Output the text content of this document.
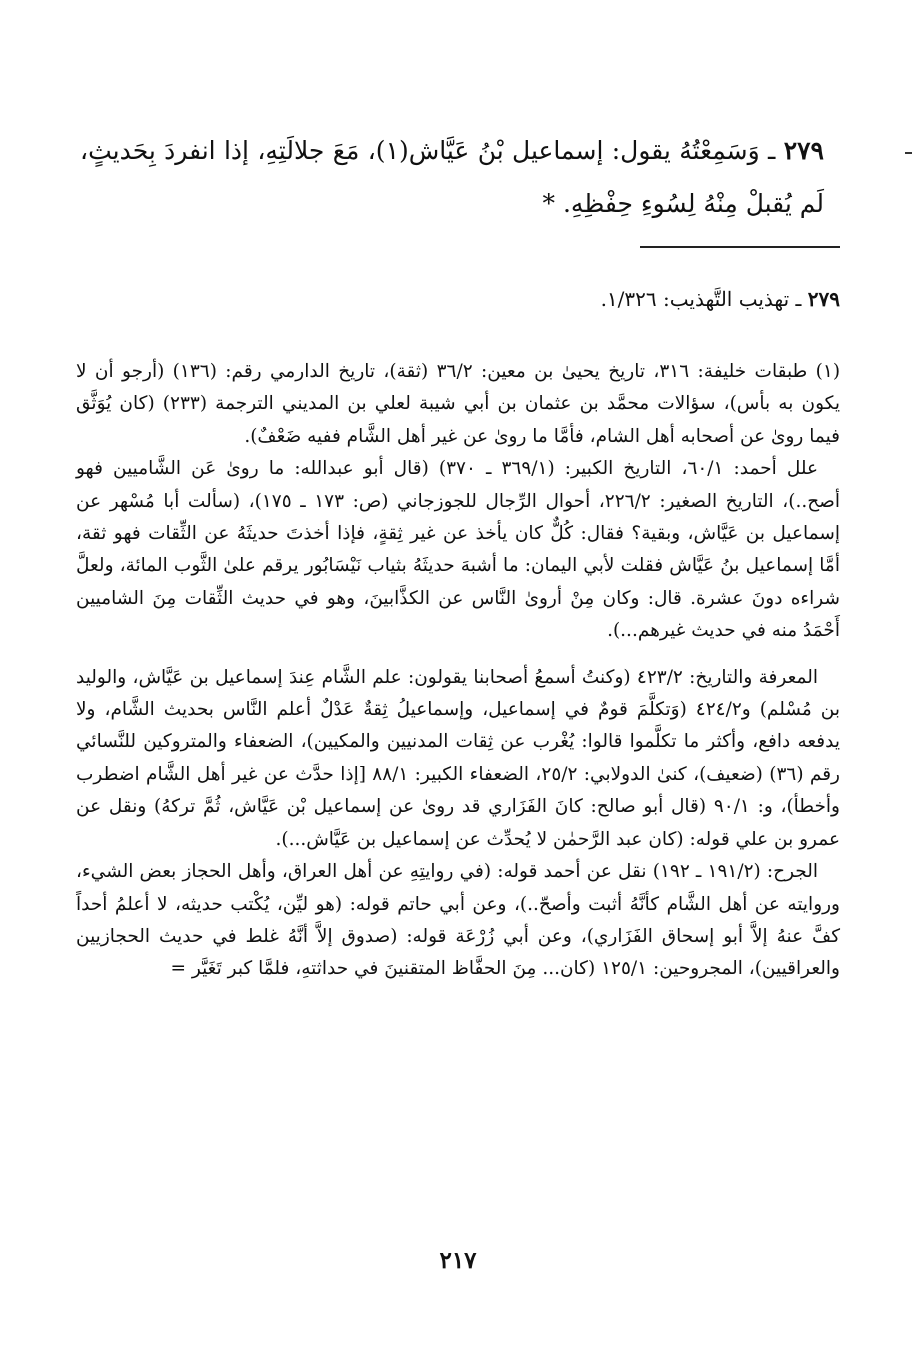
٢٧٩ ـ وَسَمِعْتُهُ يقول: إسماعيل بْنُ عَيَّاش(١)، مَعَ جلالَتِهِ، إذا انفردَ بِحَديثٍ، لَم يُقبلْ مِنْهُ لِسُوءِ حِفْظِهِ. *
٢٧٩ ـ تهذيب التَّهذيب: ١/٣٢٦.

(١) طبقات خليفة: ٣١٦، تاريخ يحيىٰ بن معين: ٣٦/٢ (ثقة)، تاريخ الدارمي رقم: (١٣٦) (أرجو أن لا يكون به بأس)، سؤالات محمَّد بن عثمان بن أبي شيبة لعلي بن المديني الترجمة (٢٣٣) (كان يُوَثَّق فيما روىٰ عن أصحابه أهل الشام، فأمَّا ما روىٰ عن غير أهل الشَّام ففيه ضَعْفٌ).

علل أحمد: ٦٠/١، التاريخ الكبير: (٣٦٩/١ ـ ٣٧٠) (قال أبو عبدالله: ما روىٰ عَن الشَّاميين فهو أصح..)، التاريخ الصغير: ٢٢٦/٢، أحوال الرِّجال للجوزجاني (ص: ١٧٣ ـ ١٧٥)، (سألت أبا مُسْهر عن إسماعيل بن عَيَّاش، وبقية؟ فقال: كُلٌّ كان يأخذ عن غير ثِقةٍ، فإذا أخذتَ حديثَهُ عن الثِّقات فهو ثقة، أمَّا إسماعيل بنُ عَيَّاش فقلت لأبي اليمان: ما أشبهَ حديثَهُ بثياب نَيْسَابُور يرقم علىٰ الثَّوب المائة، ولعلَّ شراءه دونَ عشرة. قال: وكان مِنْ أروىٰ النَّاس عن الكذَّابينَ، وهو في حديث الثِّقات مِنَ الشاميين أَحْمَدُ منه في حديث غيرهم...).

المعرفة والتاريخ: ٤٢٣/٢ (وكنتُ أسمعُ أصحابنا يقولون: علم الشَّام عِندَ إسماعيل بن عَيَّاش، والوليد بن مُسْلم) و٤٢٤/٢ (وَتكلَّمَ قومٌ في إسماعيل، وإسماعيلُ ثِقةٌ عَدْلٌ أعلم النَّاس بحديث الشَّام، ولا يدفعه دافع، وأكثر ما تكلَّموا قالوا: يُغْرب عن ثِقات المدنيين والمكيين)، الضعفاء والمتروكين للنَّسائي رقم (٣٦) (ضعيف)، كنىٰ الدولابي: ٢٥/٢، الضعفاء الكبير: ٨٨/١ [إذا حدَّث عن غير أهل الشَّام اضطرب وأخطأ)، و: ٩٠/١ (قال أبو صالح: كانَ الفَزَاري قد روىٰ عن إسماعيل بْن عَيَّاش، ثُمَّ تركهُ) ونقل عن عمرو بن علي قوله: (كان عبد الرَّحمٰن لا يُحدِّث عن إسماعيل بن عَيَّاش...).

الجرح: (١٩١/٢ ـ ١٩٢) نقل عن أحمد قوله: (في روايتِهِ عن أهل العراق، وأهل الحجاز بعض الشيء، وروايته عن أهل الشَّام كأنَّهُ أثبت وأصحّ..)، وعن أبي حاتم قوله: (هو ليِّن، يُكْتب حديثه، لا أعلمُ أحداً كفَّ عنهُ إلاَّ أبو إسحاق الفَزَاري)، وعن أبي زُرْعَة قوله: (صدوق إلاَّ أنَّهُ غلط في حديث الحجازيين والعراقيين)، المجروحين: ١٢٥/١ (كان... مِنَ الحفَّاظ المتقنينَ في حداثتهِ، فلمَّا كبر تَغَيَّر =

٢١٧
